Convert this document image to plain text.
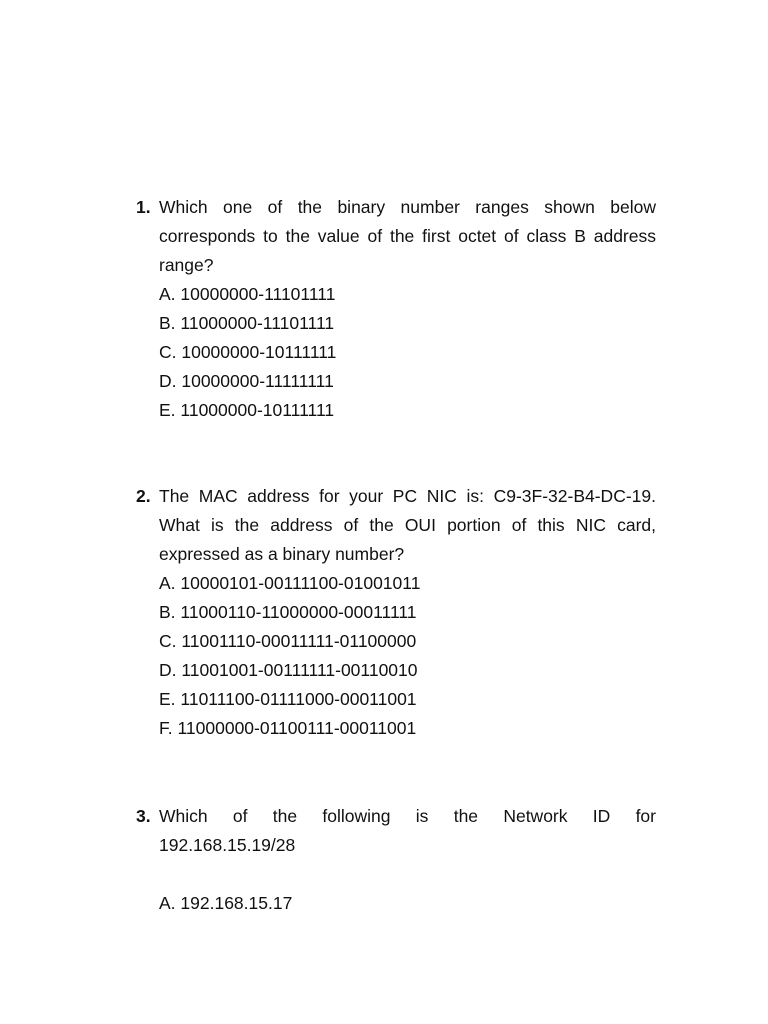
1. Which one of the binary number ranges shown below corresponds to the value of the first octet of class B address range?
A. 10000000-11101111
B. 11000000-11101111
C. 10000000-10111111
D. 10000000-11111111
E. 11000000-10111111
2. The MAC address for your PC NIC is: C9-3F-32-B4-DC-19. What is the address of the OUI portion of this NIC card, expressed as a binary number?
A. 10000101-00111100-01001011
B. 11000110-11000000-00011111
C. 11001110-00011111-01100000
D. 11001001-00111111-00110010
E. 11011100-01111000-00011001
F. 11000000-01100111-00011001
3. Which of the following is the Network ID for
192.168.15.19/28
A. 192.168.15.17
